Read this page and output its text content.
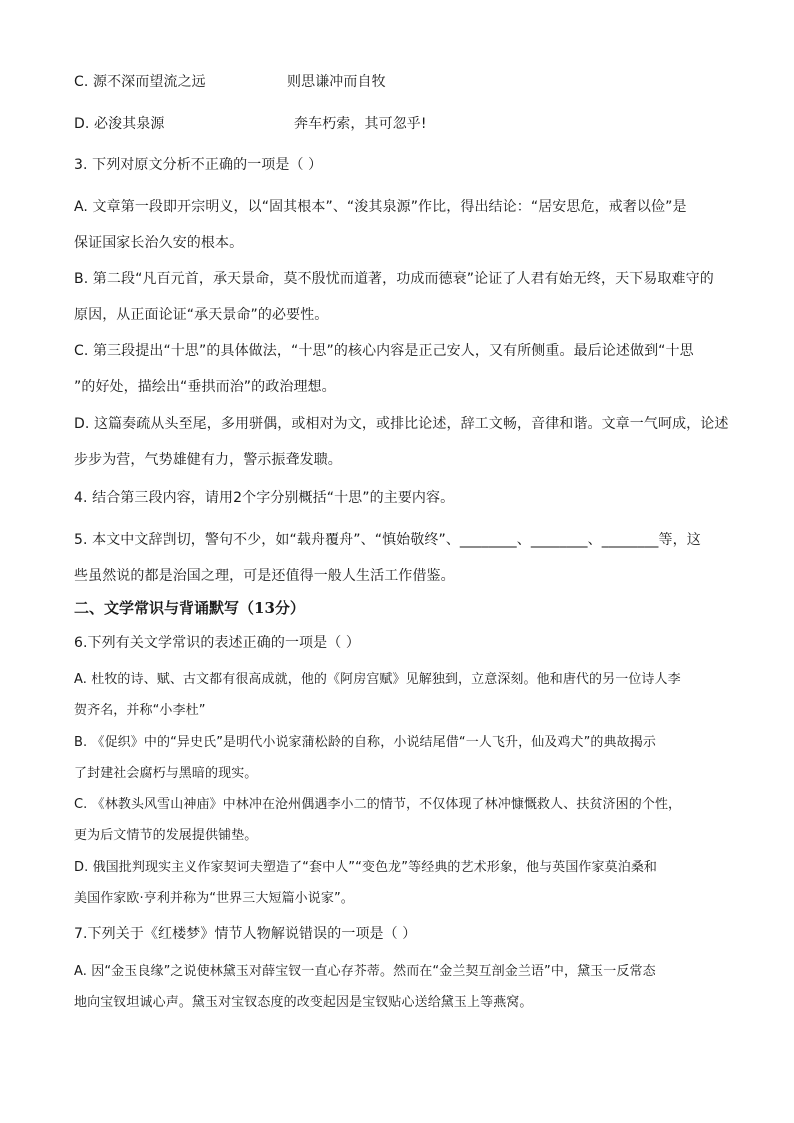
C. 源不深而望流之远	则思谦冲而自牧
D. 必浚其泉源	奔车朽索，其可忽乎!
3. 下列对原文分析不正确的一项是（ ）
A. 文章第一段即开宗明义，以“固其根本”、“浚其泉源”作比，得出结论：“居安思危，戒奢以俭”是
保证国家长治久安的根本。
B. 第二段“凡百元首，承天景命，莫不殷忧而道著，功成而德衰”论证了人君有始无终，天下易取难守的
原因，从正面论证“承天景命”的必要性。
C. 第三段提出“十思”的具体做法，“十思”的核心内容是正己安人，又有所侧重。最后论述做到“十思
”的好处，描绘出“垂拱而治”的政治理想。
D. 这篇奏疏从头至尾，多用骈偶，或相对为文，或排比论述，辞工文畅，音律和谐。文章一气呵成，论述
步步为营，气势雄健有力，警示振聋发聩。
4. 结合第三段内容，请用2个字分别概括“十思”的主要内容。
5. 本文中文辞剀切，警句不少，如“载舟覆舟”、“慎始敬终”、________、________、________等，这
些虽然说的都是治国之理，可是还值得一般人生活工作借鉴。
二、文学常识与背诵默写（13分）
6.下列有关文学常识的表述正确的一项是（ ）
A. 杜牧的诗、赋、古文都有很高成就，他的《阿房宫赋》见解独到，立意深刻。他和唐代的另一位诗人李
贺齐名，并称“小李杜”
B. 《促织》中的“异史氏”是明代小说家蒲松龄的自称，小说结尾借“一人飞升，仙及鸡犬”的典故揭示
了封建社会腐朽与黑暗的现实。
C. 《林教头风雪山神庙》中林冲在沧州偶遇李小二的情节，不仅体现了林冲慷慨救人、扶贫济困的个性，
更为后文情节的发展提供铺垫。
D. 俄国批判现实主义作家契诃夫塑造了“套中人”“变色龙”等经典的艺术形象，他与英国作家莫泊桑和
美国作家欧·亨利并称为“世界三大短篇小说家”。
7.下列关于《红楼梦》情节人物解说错误的一项是（ ）
A. 因“金玉良缘”之说使林黛玉对薛宝钗一直心存芥蒂。然而在“金兰契互剖金兰语”中，黛玉一反常态
地向宝钗坦诚心声。黛玉对宝钗态度的改变起因是宝钗贴心送给黛玉上等燕窝。
